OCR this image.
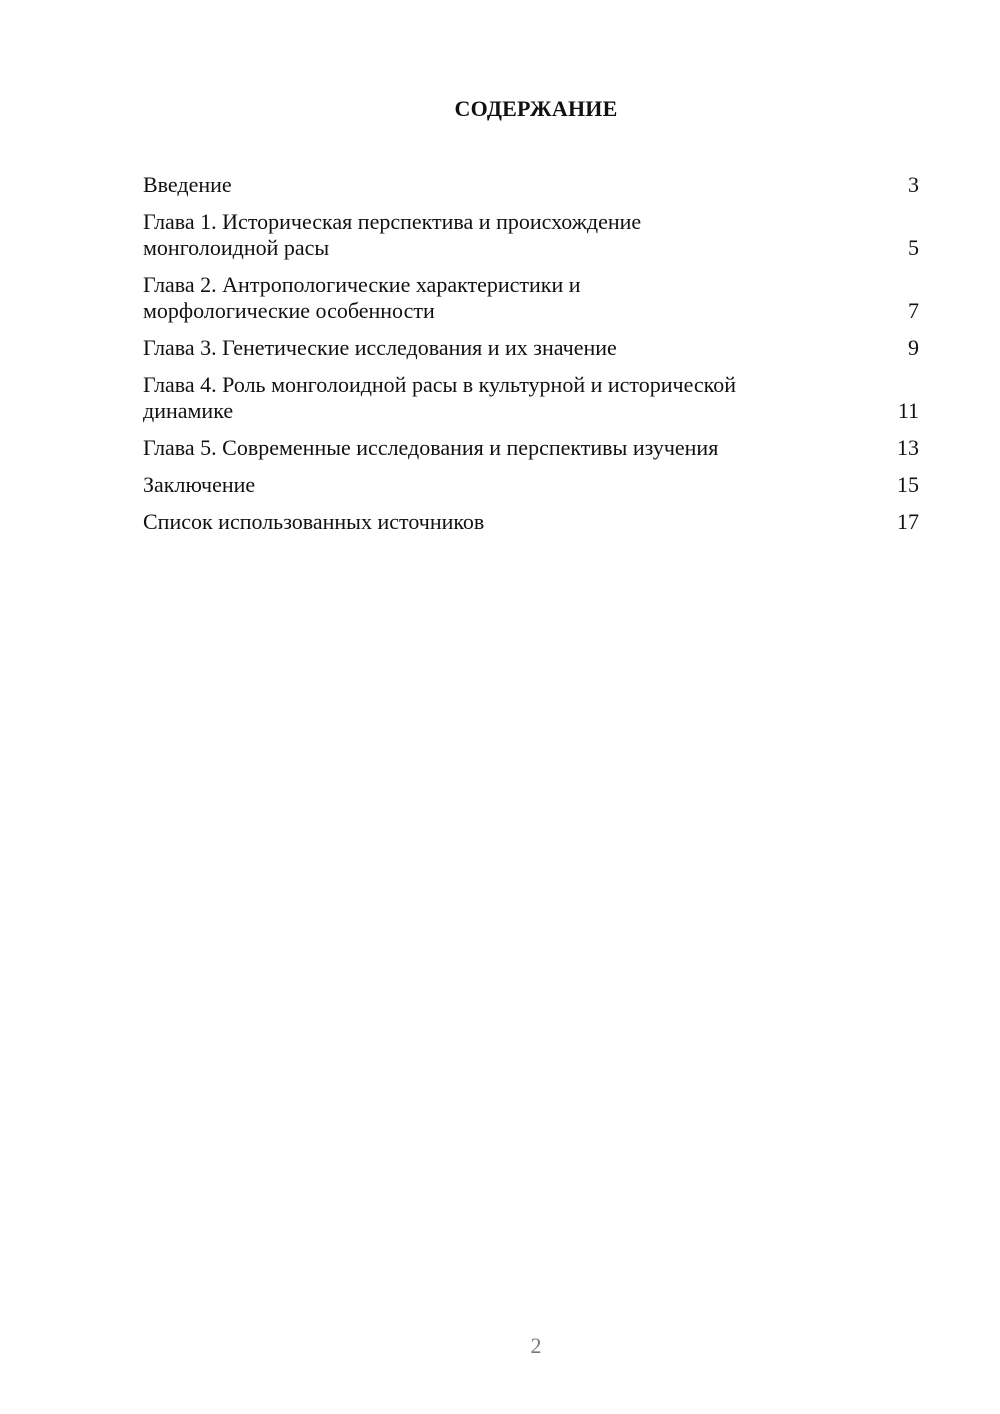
СОДЕРЖАНИЕ
Введение	3
Глава 1. Историческая перспектива и происхождение
монголоидной расы	5
Глава 2. Антропологические характеристики и
морфологические особенности	7
Глава 3. Генетические исследования и их значение	9
Глава 4. Роль монголоидной расы в культурной и исторической
динамике	11
Глава 5. Современные исследования и перспективы изучения	13
Заключение	15
Список использованных источников	17
2
